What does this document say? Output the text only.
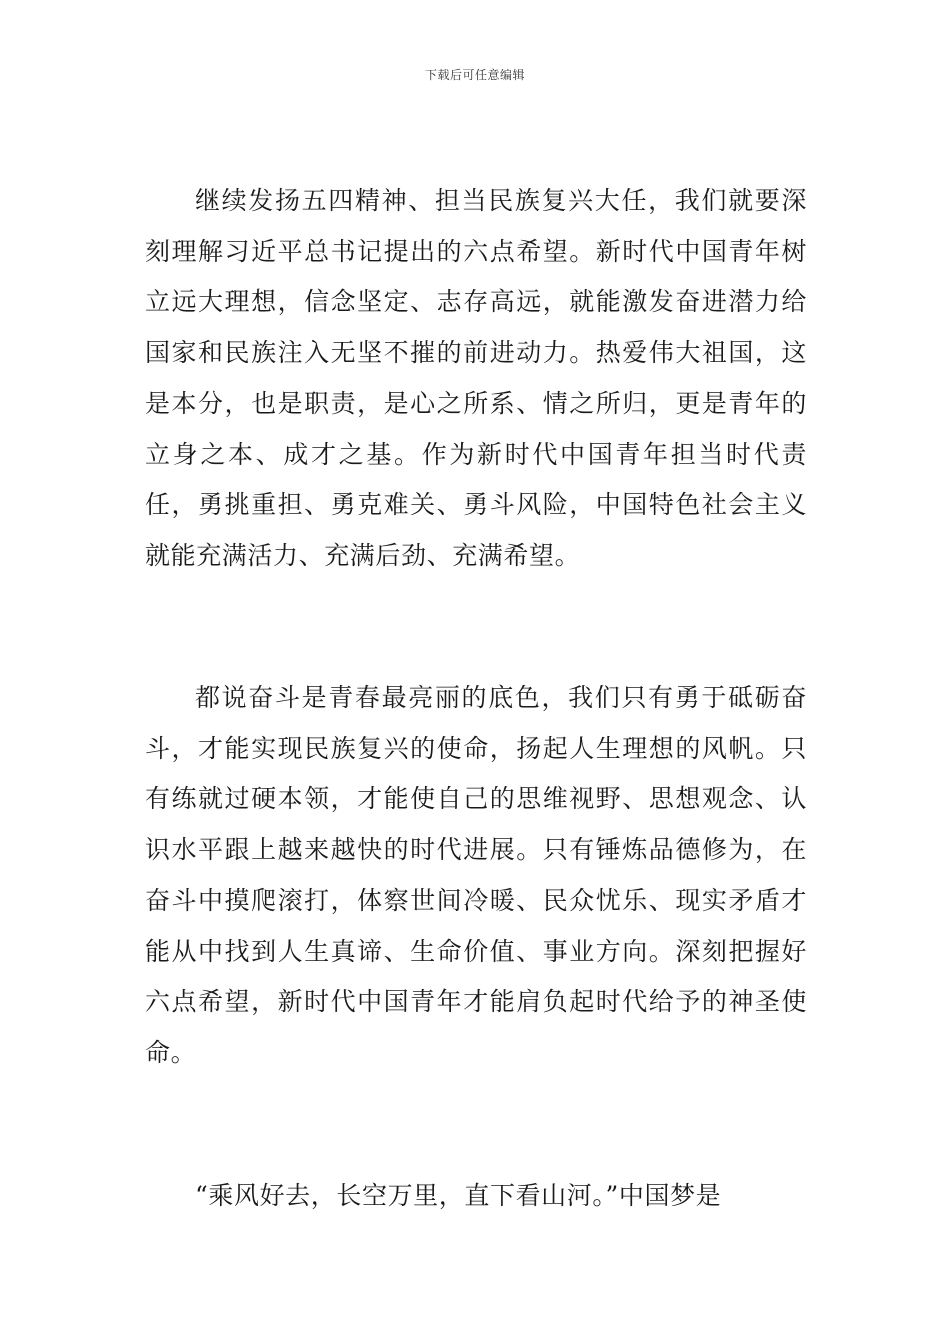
下载后可任意编辑

继续发扬五四精神、担当民族复兴大任，我们就要深刻理解习近平总书记提出的六点希望。新时代中国青年树立远大理想，信念坚定、志存高远，就能激发奋进潜力给国家和民族注入无坚不摧的前进动力。热爱伟大祖国，这是本分，也是职责，是心之所系、情之所归，更是青年的立身之本、成才之基。作为新时代中国青年担当时代责任，勇挑重担、勇克难关、勇斗风险，中国特色社会主义就能充满活力、充满后劲、充满希望。

都说奋斗是青春最亮丽的底色，我们只有勇于砥砺奋斗，才能实现民族复兴的使命，扬起人生理想的风帆。只有练就过硬本领，才能使自己的思维视野、思想观念、认识水平跟上越来越快的时代进展。只有锤炼品德修为，在奋斗中摸爬滚打，体察世间冷暖、民众忧乐、现实矛盾才能从中找到人生真谛、生命价值、事业方向。深刻把握好六点希望，新时代中国青年才能肩负起时代给予的神圣使命。

“乘风好去，长空万里，直下看山河。”中国梦是
